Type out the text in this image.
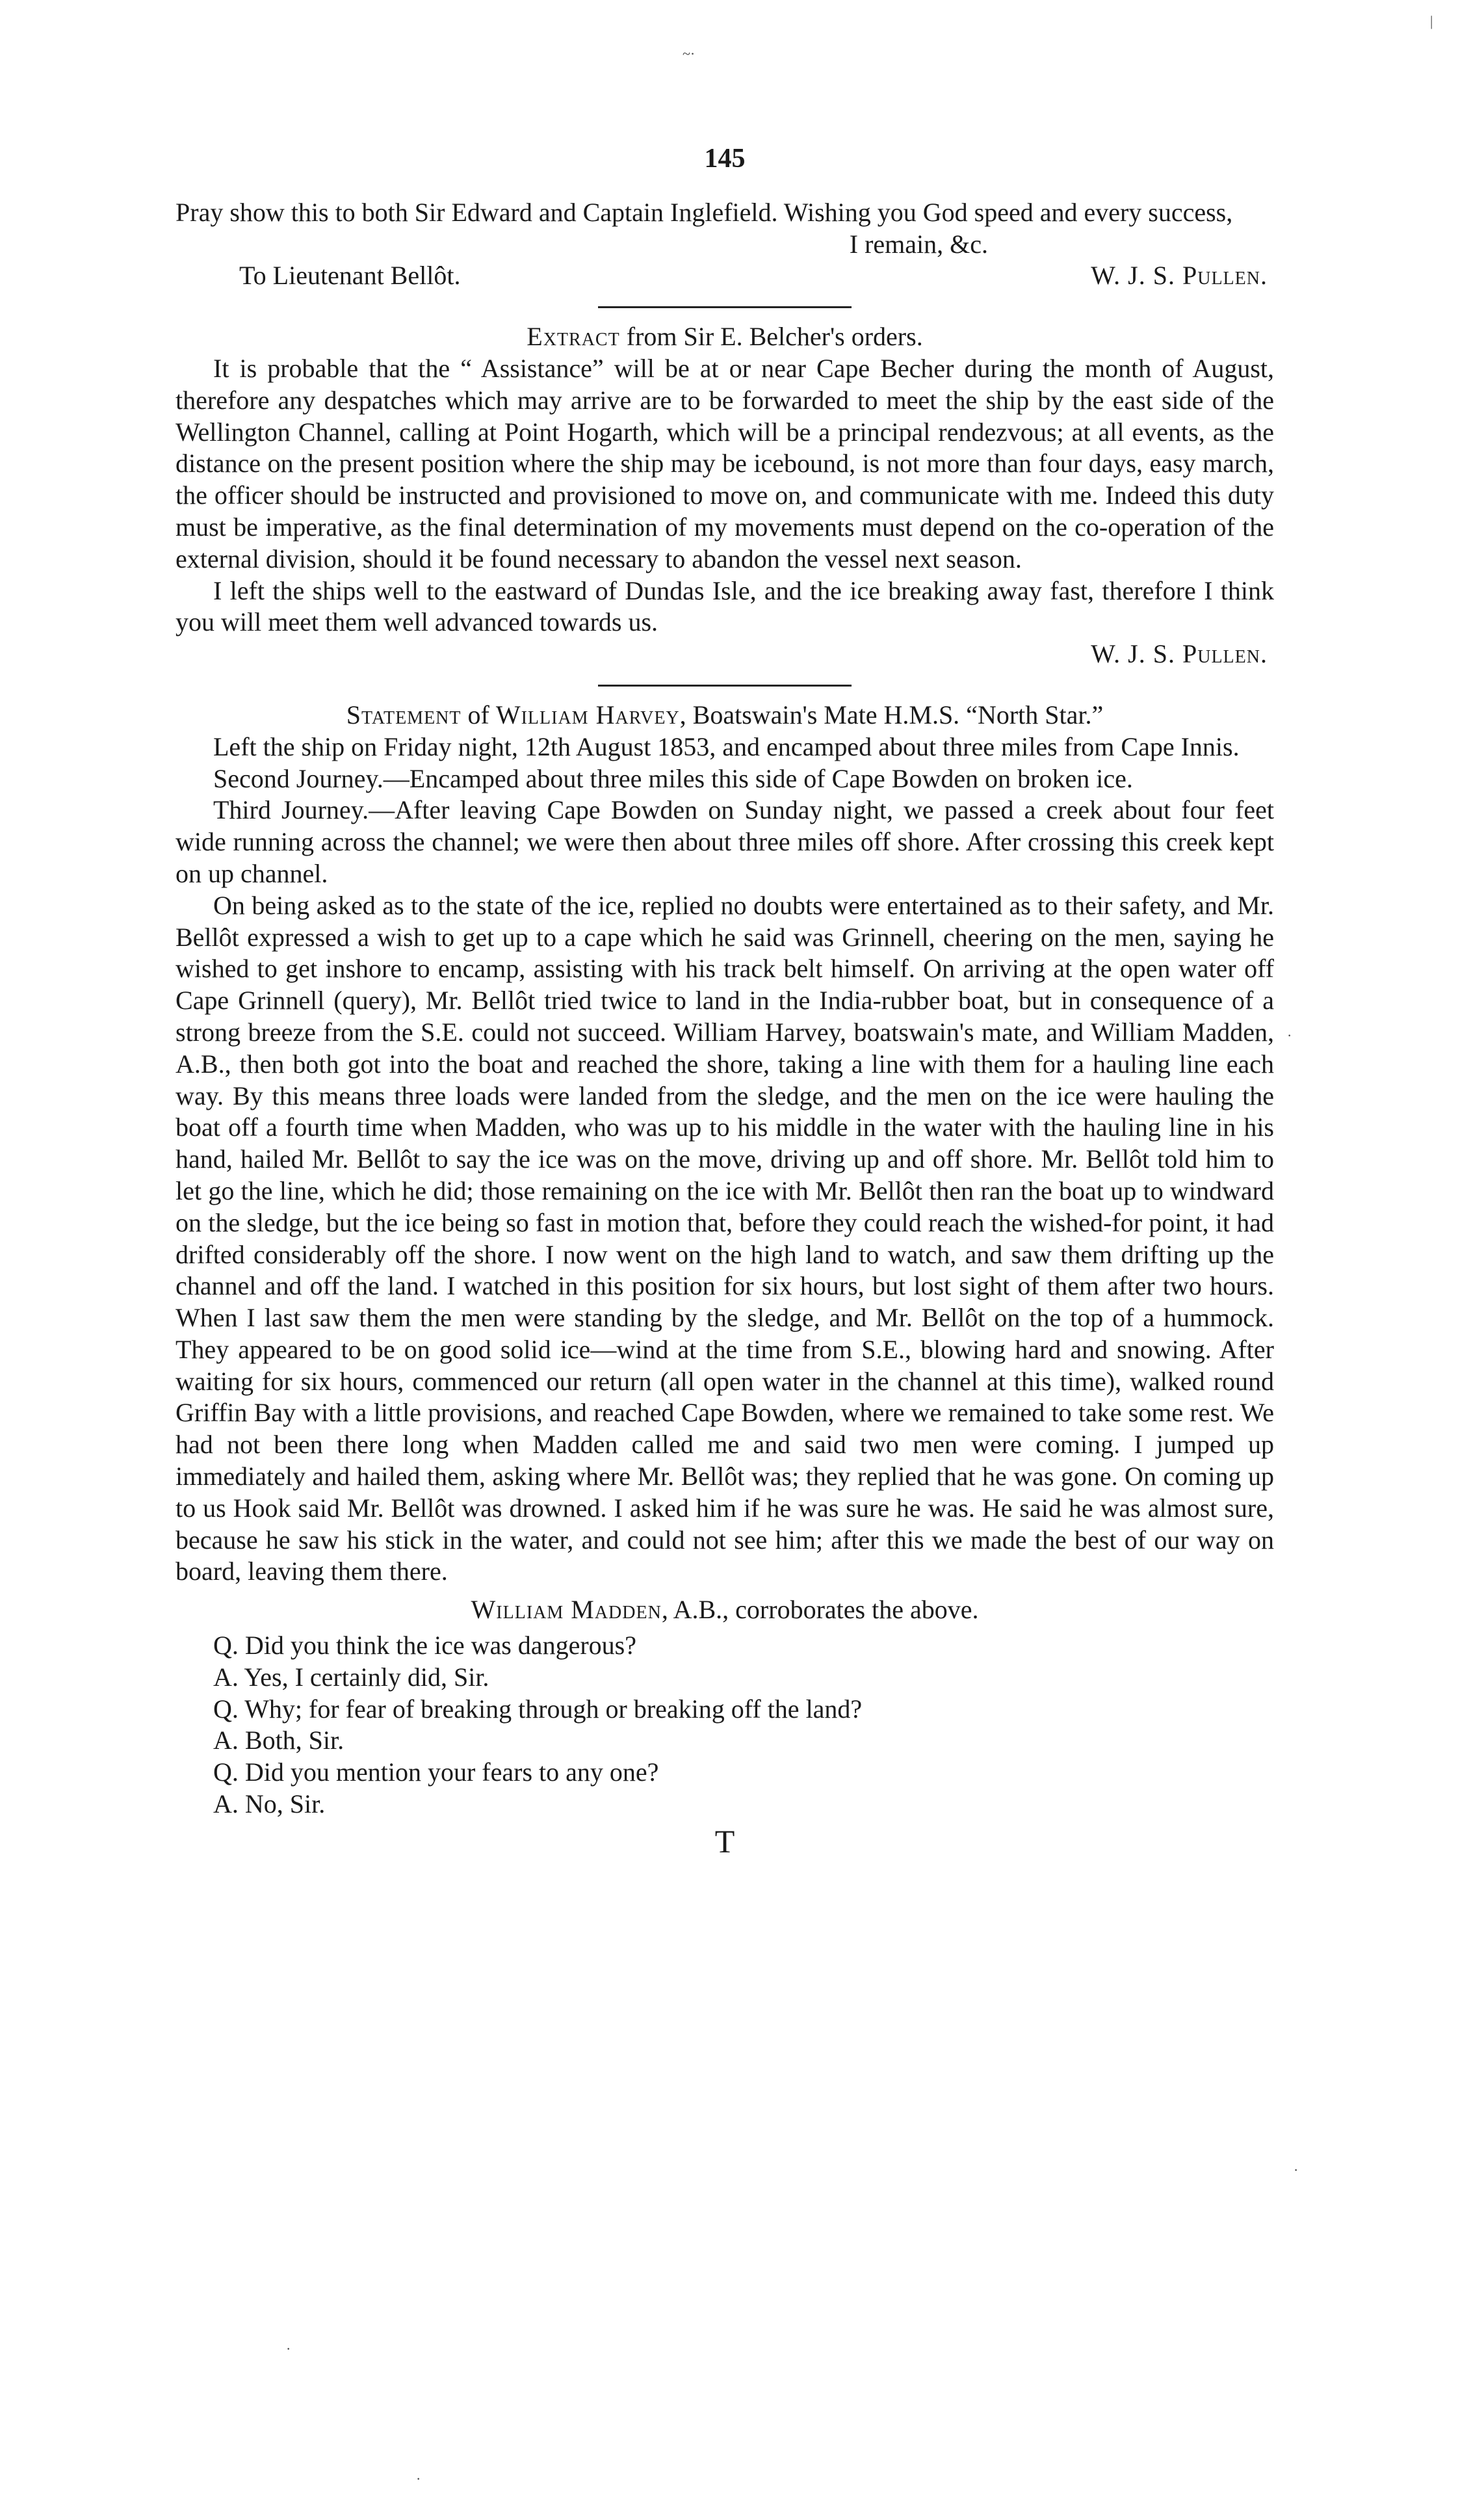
~·
|
·
·
·
·
145

Pray show this to both Sir Edward and Captain Inglefield. Wishing you God speed and every success,

I remain, &c.

To Lieutenant Bellôt.	W. J. S. Pullen.

Extract from Sir E. Belcher's orders.

It is probable that the “ Assistance” will be at or near Cape Becher during the month of August, therefore any despatches which may arrive are to be forwarded to meet the ship by the east side of the Wellington Channel, calling at Point Hogarth, which will be a principal rendezvous; at all events, as the distance on the present position where the ship may be icebound, is not more than four days, easy march, the officer should be instructed and provisioned to move on, and communicate with me. Indeed this duty must be imperative, as the final determination of my movements must depend on the co-operation of the external division, should it be found necessary to abandon the vessel next season.

I left the ships well to the eastward of Dundas Isle, and the ice breaking away fast, therefore I think you will meet them well advanced towards us.

W. J. S. Pullen.

Statement of William Harvey, Boatswain's Mate H.M.S. “North Star.”

Left the ship on Friday night, 12th August 1853, and encamped about three miles from Cape Innis.

Second Journey.—Encamped about three miles this side of Cape Bowden on broken ice.

Third Journey.—After leaving Cape Bowden on Sunday night, we passed a creek about four feet wide running across the channel; we were then about three miles off shore. After crossing this creek kept on up channel.

On being asked as to the state of the ice, replied no doubts were entertained as to their safety, and Mr. Bellôt expressed a wish to get up to a cape which he said was Grinnell, cheering on the men, saying he wished to get inshore to encamp, assisting with his track belt himself. On arriving at the open water off Cape Grinnell (query), Mr. Bellôt tried twice to land in the India-rubber boat, but in consequence of a strong breeze from the S.E. could not succeed. William Harvey, boatswain's mate, and William Madden, A.B., then both got into the boat and reached the shore, taking a line with them for a hauling line each way. By this means three loads were landed from the sledge, and the men on the ice were hauling the boat off a fourth time when Madden, who was up to his middle in the water with the hauling line in his hand, hailed Mr. Bellôt to say the ice was on the move, driving up and off shore. Mr. Bellôt told him to let go the line, which he did; those remaining on the ice with Mr. Bellôt then ran the boat up to windward on the sledge, but the ice being so fast in motion that, before they could reach the wished-for point, it had drifted considerably off the shore. I now went on the high land to watch, and saw them drifting up the channel and off the land. I watched in this position for six hours, but lost sight of them after two hours. When I last saw them the men were standing by the sledge, and Mr. Bellôt on the top of a hummock. They appeared to be on good solid ice—wind at the time from S.E., blowing hard and snowing. After waiting for six hours, commenced our return (all open water in the channel at this time), walked round Griffin Bay with a little provisions, and reached Cape Bowden, where we remained to take some rest. We had not been there long when Madden called me and said two men were coming. I jumped up immediately and hailed them, asking where Mr. Bellôt was; they replied that he was gone. On coming up to us Hook said Mr. Bellôt was drowned. I asked him if he was sure he was. He said he was almost sure, because he saw his stick in the water, and could not see him; after this we made the best of our way on board, leaving them there.

William Madden, A.B., corroborates the above.

Q. Did you think the ice was dangerous?

A. Yes, I certainly did, Sir.

Q. Why; for fear of breaking through or breaking off the land?

A. Both, Sir.

Q. Did you mention your fears to any one?

A. No, Sir.

T
